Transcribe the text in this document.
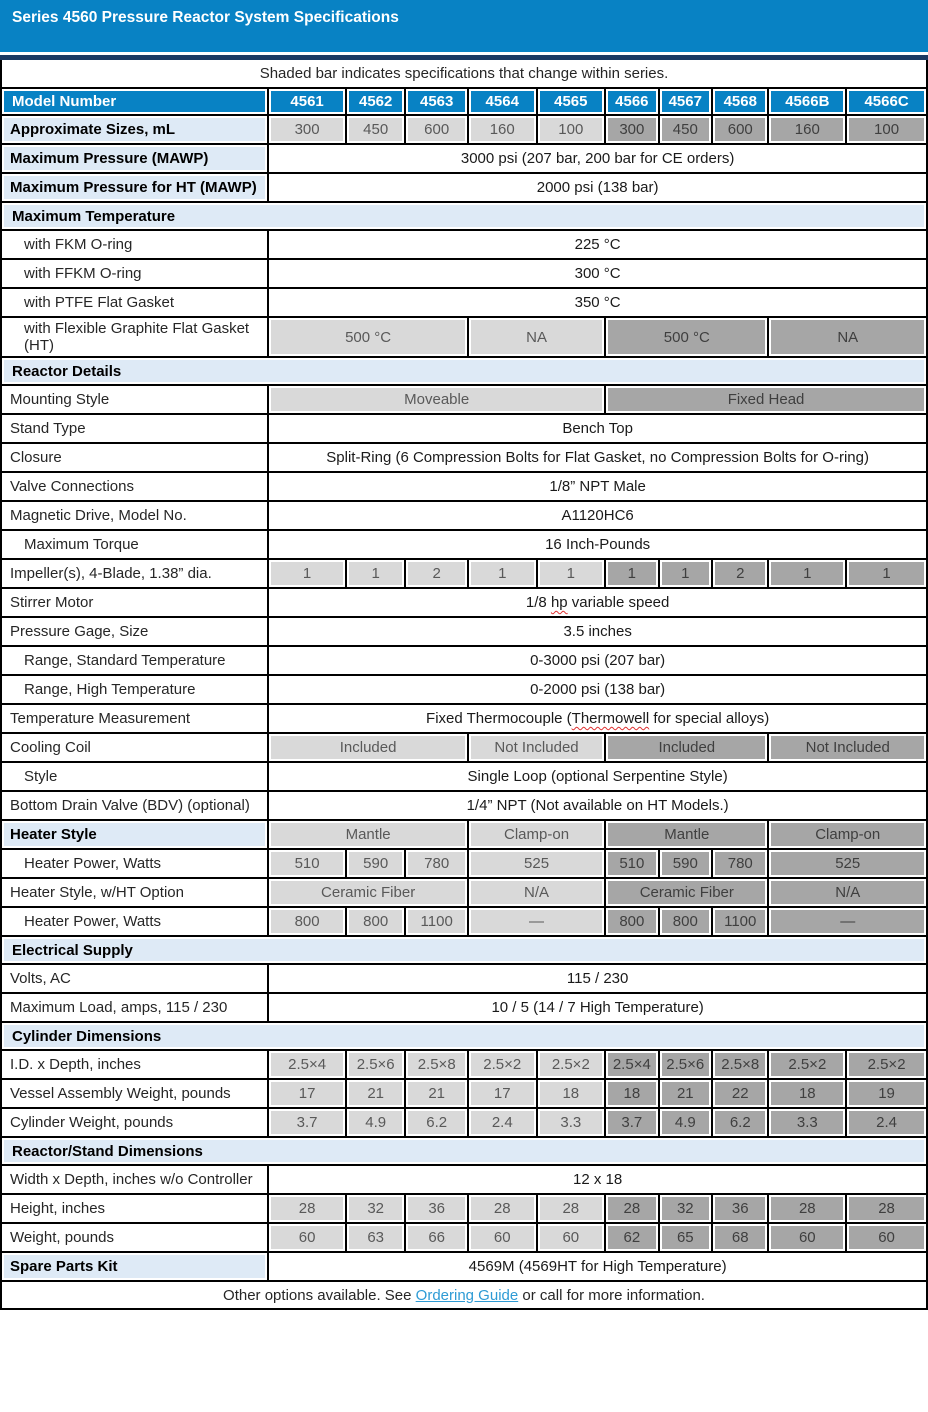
Series 4560 Pressure Reactor System Specifications
Shaded bar indicates specifications that change within series.										
Model Number	4561	4562	4563	4564	4565	4566	4567	4568	4566B	4566C
Approximate Sizes, mL	300	450	600	160	100	300	450	600	160	100
Maximum Pressure (MAWP)	3000 psi (207 bar, 200 bar for CE orders)									
Maximum Pressure for HT (MAWP)	2000 psi (138 bar)									
Maximum Temperature										
with FKM O-ring	225 °C									
with FFKM O-ring	300 °C									
with PTFE Flat Gasket	350 °C									
with Flexible Graphite Flat Gasket (HT)	500 °C			NA		500 °C			NA	
Reactor Details										
Mounting Style	Moveable					Fixed Head				
Stand Type	Bench Top									
Closure	Split-Ring (6 Compression Bolts for Flat Gasket, no Compression Bolts for O-ring)									
Valve Connections	1/8” NPT Male									
Magnetic Drive, Model No.	A1120HC6									
Maximum Torque	16 Inch-Pounds									
Impeller(s), 4-Blade, 1.38” dia.	1	1	2	1	1	1	1	2	1	1
Stirrer Motor	1/8 hp variable speed									
Pressure Gage, Size	3.5 inches									
Range, Standard Temperature	0-3000 psi (207 bar)									
Range, High Temperature	0-2000 psi (138 bar)									
Temperature Measurement	Fixed Thermocouple (Thermowell for special alloys)									
Cooling Coil	Included			Not Included		Included			Not Included	
Style	Single Loop (optional Serpentine Style)									
Bottom Drain Valve (BDV) (optional)	1/4” NPT (Not available on HT Models.)									
Heater Style	Mantle			Clamp-on		Mantle			Clamp-on	
Heater Power, Watts	510	590	780	525		510	590	780	525	
Heater Style, w/HT Option	Ceramic Fiber			N/A		Ceramic Fiber			N/A	
Heater Power, Watts	800	800	1100	—		800	800	1100	—	
Electrical Supply										
Volts, AC	115 / 230									
Maximum Load, amps, 115 / 230	10 / 5 (14 / 7 High Temperature)									
Cylinder Dimensions										
I.D. x Depth, inches	2.5×4	2.5×6	2.5×8	2.5×2	2.5×2	2.5×4	2.5×6	2.5×8	2.5×2	2.5×2
Vessel Assembly Weight, pounds	17	21	21	17	18	18	21	22	18	19
Cylinder Weight, pounds	3.7	4.9	6.2	2.4	3.3	3.7	4.9	6.2	3.3	2.4
Reactor/Stand Dimensions										
Width x Depth, inches w/o Controller	12 x 18									
Height, inches	28	32	36	28	28	28	32	36	28	28
Weight, pounds	60	63	66	60	60	62	65	68	60	60
Spare Parts Kit	4569M (4569HT for High Temperature)									
Other options available. See Ordering Guide or call for more information.										
